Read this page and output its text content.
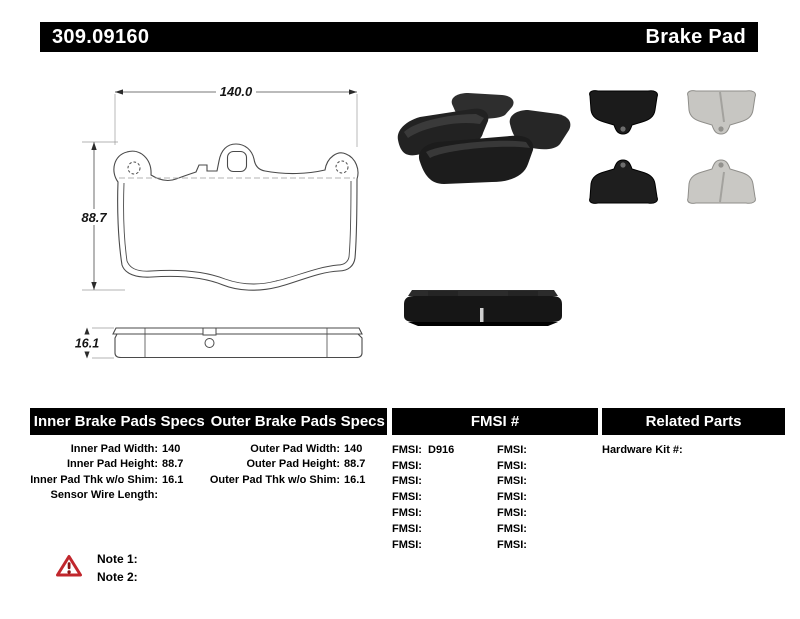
309.09160	Brake Pad
140.0
88.7
16.1
Inner Brake Pads Specs Outer Brake Pads Specs	FMSI #	Related Parts
Inner Pad Width: 140
Inner Pad Height: 88.7
Inner Pad Thk w/o Shim: 16.1
Sensor Wire Length:
Outer Pad Width: 140
Outer Pad Height: 88.7
Outer Pad Thk w/o Shim: 16.1
FMSI: D916
FMSI:
FMSI:
FMSI:
FMSI:
FMSI:
FMSI:
FMSI:
FMSI:
FMSI:
FMSI:
FMSI:
FMSI:
FMSI:
Hardware Kit #:
Note 1:
Note 2:
